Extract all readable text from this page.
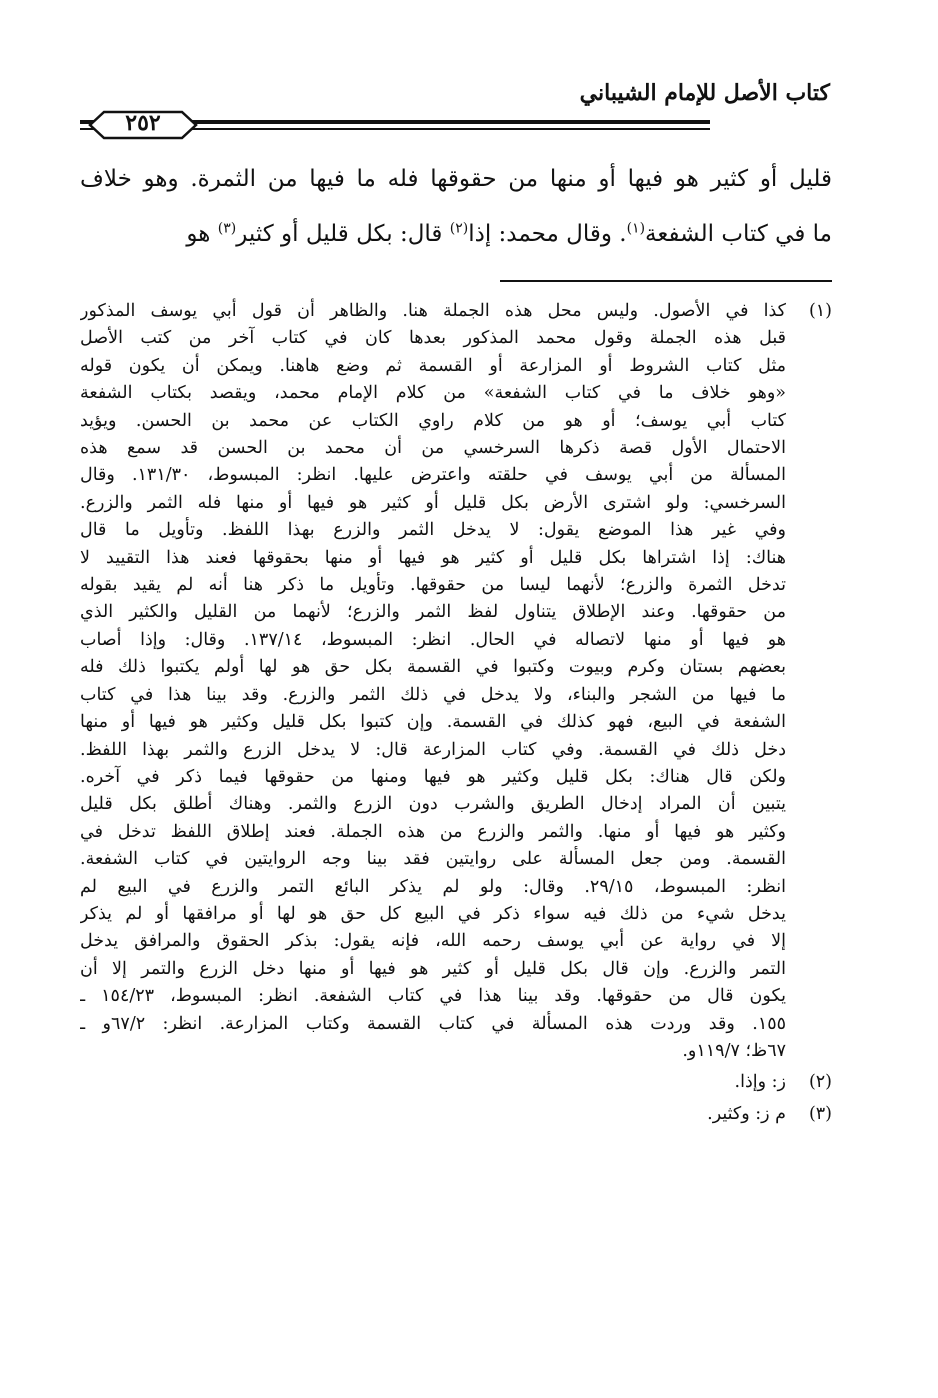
كتاب الأصل للإمام الشيباني
٢٥٢
قليل أو كثير هو فيها أو منها من حقوقها فله ما فيها من الثمرة. وهو خلاف
ما في كتاب الشفعة$^{(١)}$. وقال محمد: إذا$^{(٢)}$ قال: بكل قليل أو كثير$^{(٣)}$ هو
(١)
كذا في الأصول. وليس محل هذه الجملة هنا. والظاهر أن قول أبي يوسف المذكور
قبل هذه الجملة وقول محمد المذكور بعدها كان في كتاب آخر من كتب الأصل
مثل كتاب الشروط أو المزارعة أو القسمة ثم وضع هاهنا. ويمكن أن يكون قوله
«وهو خلاف ما في كتاب الشفعة» من كلام الإمام محمد، ويقصد بكتاب الشفعة
كتاب أبي يوسف؛ أو هو من كلام راوي الكتاب عن محمد بن الحسن. ويؤيد
الاحتمال الأول قصة ذكرها السرخسي من أن محمد بن الحسن قد سمع هذه
المسألة من أبي يوسف في حلقته واعترض عليها. انظر: المبسوط، ١٣١/٣٠. وقال
السرخسي: ولو اشترى الأرض بكل قليل أو كثير هو فيها أو منها فله الثمر والزرع.
وفي غير هذا الموضع يقول: لا يدخل الثمر والزرع بهذا اللفظ. وتأويل ما قال
هناك: إذا اشتراها بكل قليل أو كثير هو فيها أو منها بحقوقها فعند هذا التقييد لا
تدخل الثمرة والزرع؛ لأنهما ليسا من حقوقها. وتأويل ما ذكر هنا أنه لم يقيد بقوله
من حقوقها. وعند الإطلاق يتناول لفظ الثمر والزرع؛ لأنهما من القليل والكثير الذي
هو فيها أو منها لاتصاله في الحال. انظر: المبسوط، ١٣٧/١٤. وقال: وإذا أصاب
بعضهم بستان وكرم وبيوت وكتبوا في القسمة بكل حق هو لها أولم يكتبوا ذلك فله
ما فيها من الشجر والبناء، ولا يدخل في ذلك الثمر والزرع. وقد بينا هذا في كتاب
الشفعة في البيع، فهو كذلك في القسمة. وإن كتبوا بكل قليل وكثير هو فيها أو منها
دخل ذلك في القسمة. وفي كتاب المزارعة قال: لا يدخل الزرع والثمر بهذا اللفظ.
ولكن قال هناك: بكل قليل وكثير هو فيها ومنها من حقوقها فيما ذكر في آخره.
يتبين أن المراد إدخال الطريق والشرب دون الزرع والثمر. وهناك أطلق بكل قليل
وكثير هو فيها أو منها. والثمر والزرع من هذه الجملة. فعند إطلاق اللفظ تدخل في
القسمة. ومن جعل المسألة على روايتين فقد بينا وجه الروايتين في كتاب الشفعة.
انظر: المبسوط، ٢٩/١٥. وقال: ولو لم يذكر البائع التمر والزرع في البيع لم
يدخل شيء من ذلك فيه سواء ذكر في البيع كل حق هو لها أو مرافقها أو لم يذكر
إلا في رواية عن أبي يوسف رحمه الله، فإنه يقول: بذكر الحقوق والمرافق يدخل
التمر والزرع. وإن قال بكل قليل أو كثير هو فيها أو منها دخل الزرع والتمر إلا أن
يكون قال من حقوقها. وقد بينا هذا في كتاب الشفعة. انظر: المبسوط، ١٥٤/٢٣ ـ
١٥٥. وقد وردت هذه المسألة في كتاب القسمة وكتاب المزارعة. انظر: ٦٧/٢و ـ
٦٧ظ؛ ١١٩/٧و.
(٢)
ز: وإذا.
(٣)
م ز: وكثير.
